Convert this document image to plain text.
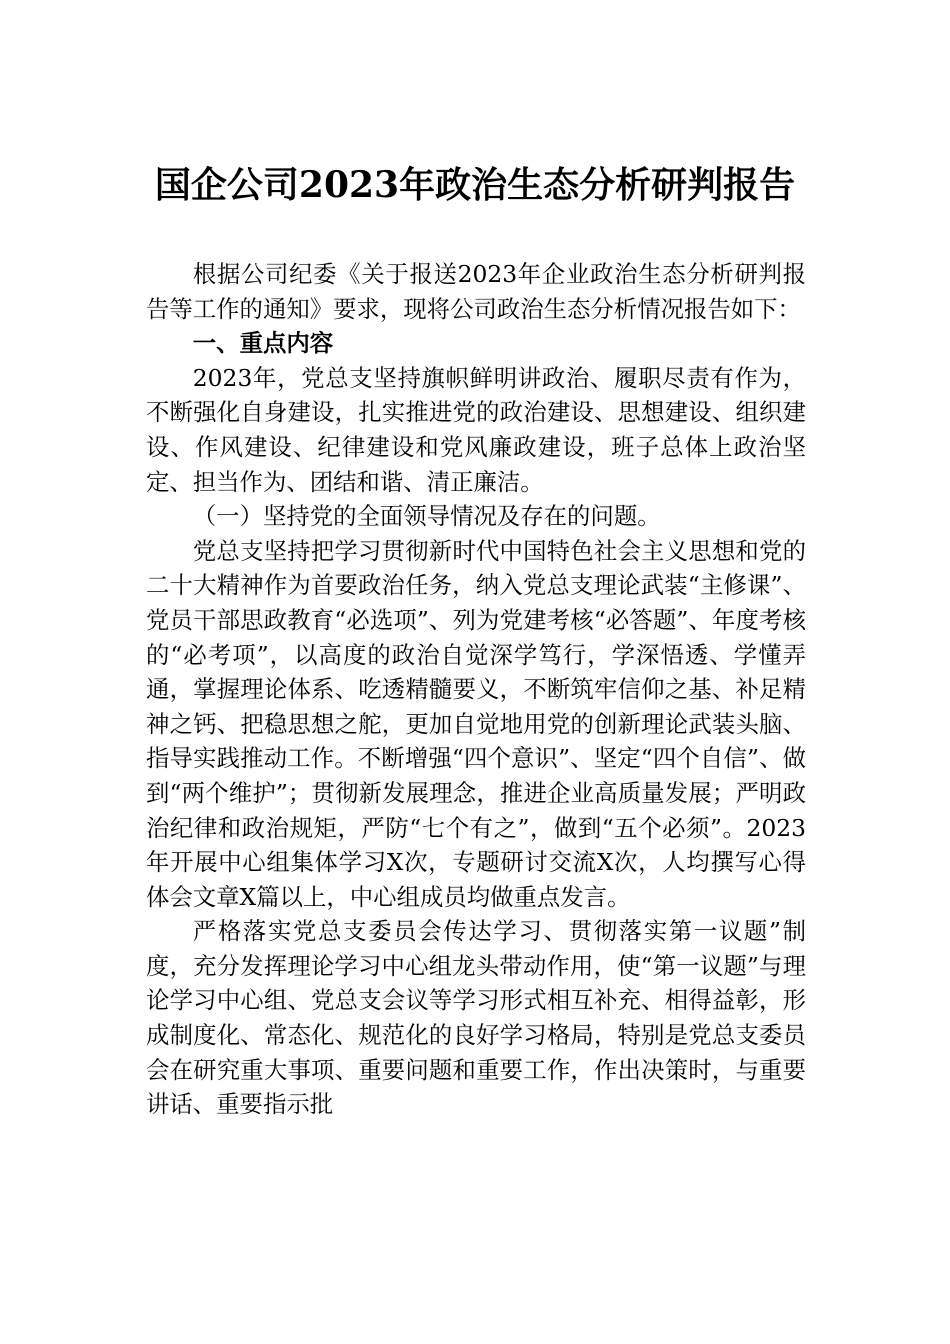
国企公司2023年政治生态分析研判报告

根据公司纪委《关于报送2023年企业政治生态分析研判报告等工作的通知》要求，现将公司政治生态分析情况报告如下：

一、重点内容

2023年，党总支坚持旗帜鲜明讲政治、履职尽责有作为，不断强化自身建设，扎实推进党的政治建设、思想建设、组织建设、作风建设、纪律建设和党风廉政建设，班子总体上政治坚定、担当作为、团结和谐、清正廉洁。

（一）坚持党的全面领导情况及存在的问题。

党总支坚持把学习贯彻新时代中国特色社会主义思想和党的二十大精神作为首要政治任务，纳入党总支理论武装“主修课”、党员干部思政教育“必选项”、列为党建考核“必答题”、年度考核的“必考项”，以高度的政治自觉深学笃行，学深悟透、学懂弄通，掌握理论体系、吃透精髓要义，不断筑牢信仰之基、补足精神之钙、把稳思想之舵，更加自觉地用党的创新理论武装头脑、指导实践推动工作。不断增强“四个意识”、坚定“四个自信”、做到“两个维护”；贯彻新发展理念，推进企业高质量发展；严明政治纪律和政治规矩，严防“七个有之”，做到“五个必须”。2023年开展中心组集体学习X次，专题研讨交流X次，人均撰写心得体会文章X篇以上，中心组成员均做重点发言。

严格落实党总支委员会传达学习、贯彻落实第一议题”制度，充分发挥理论学习中心组龙头带动作用，使“第一议题”与理论学习中心组、党总支会议等学习形式相互补充、相得益彰，形成制度化、常态化、规范化的良好学习格局，特别是党总支委员会在研究重大事项、重要问题和重要工作，作出决策时，与重要讲话、重要指示批
